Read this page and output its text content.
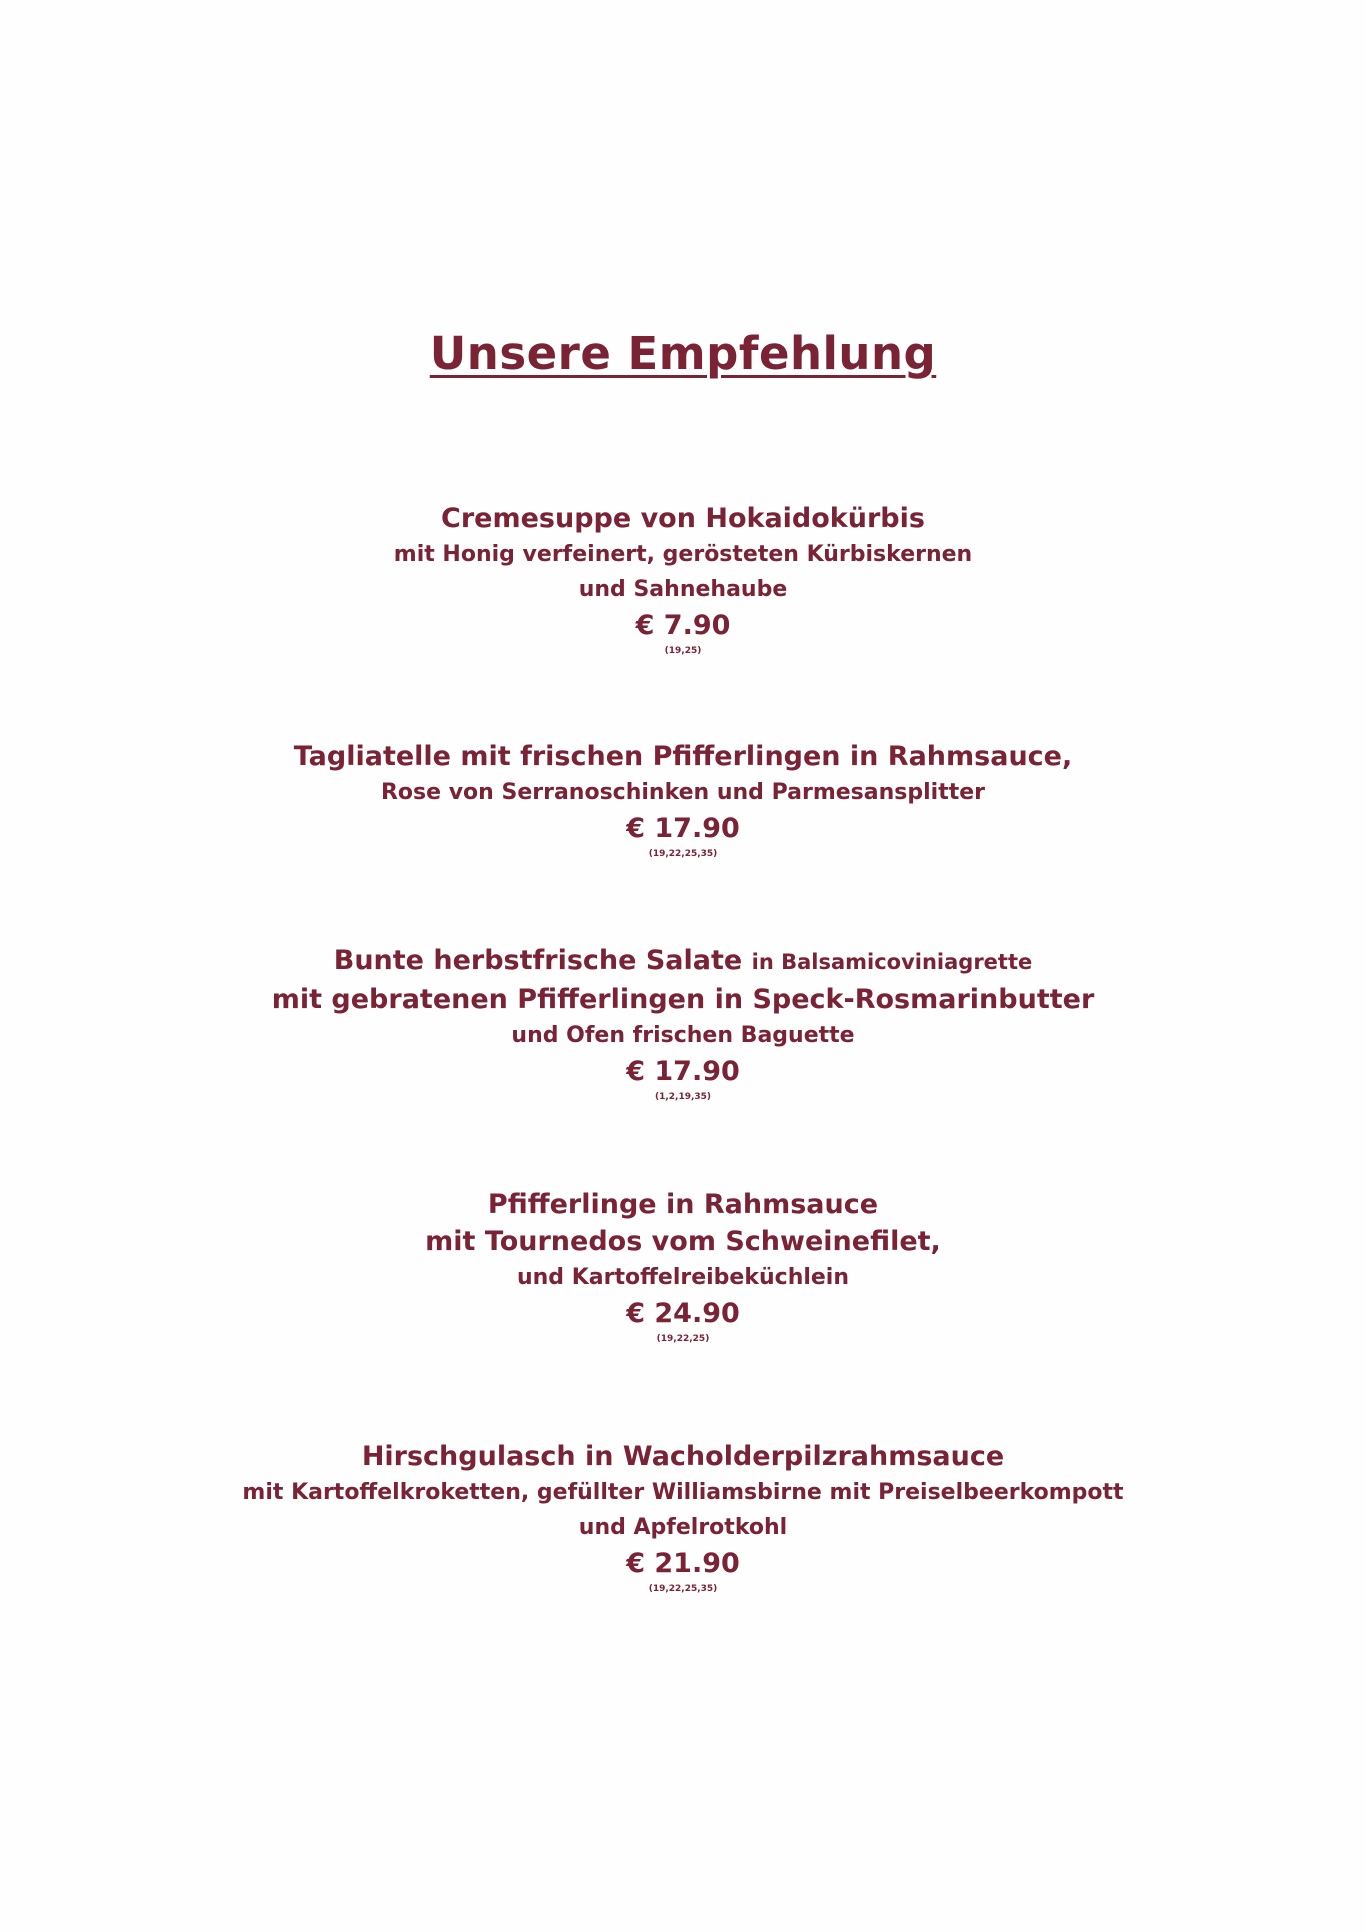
Unsere Empfehlung
Cremesuppe von Hokaidokürbis
mit Honig verfeinert, gerösteten Kürbiskernen
und Sahnehaube
€ 7.90
(19,25)
Tagliatelle mit frischen Pfifferlingen in Rahmsauce,
Rose von Serranoschinken und Parmesansplitter
€ 17.90
(19,22,25,35)
Bunte herbstfrische Salate in Balsamicoviniagrette
mit gebratenen Pfifferlingen in Speck-Rosmarinbutter
und Ofen frischen Baguette
€ 17.90
(1,2,19,35)
Pfifferlinge in Rahmsauce
mit Tournedos vom Schweinefilet,
und Kartoffelreibeküchlein
€ 24.90
(19,22,25)
Hirschgulasch in Wacholderpilzrahmsauce
mit Kartoffelkroketten, gefüllter Williamsbirne mit Preiselbeerkompott
und Apfelrotkohl
€ 21.90
(19,22,25,35)
